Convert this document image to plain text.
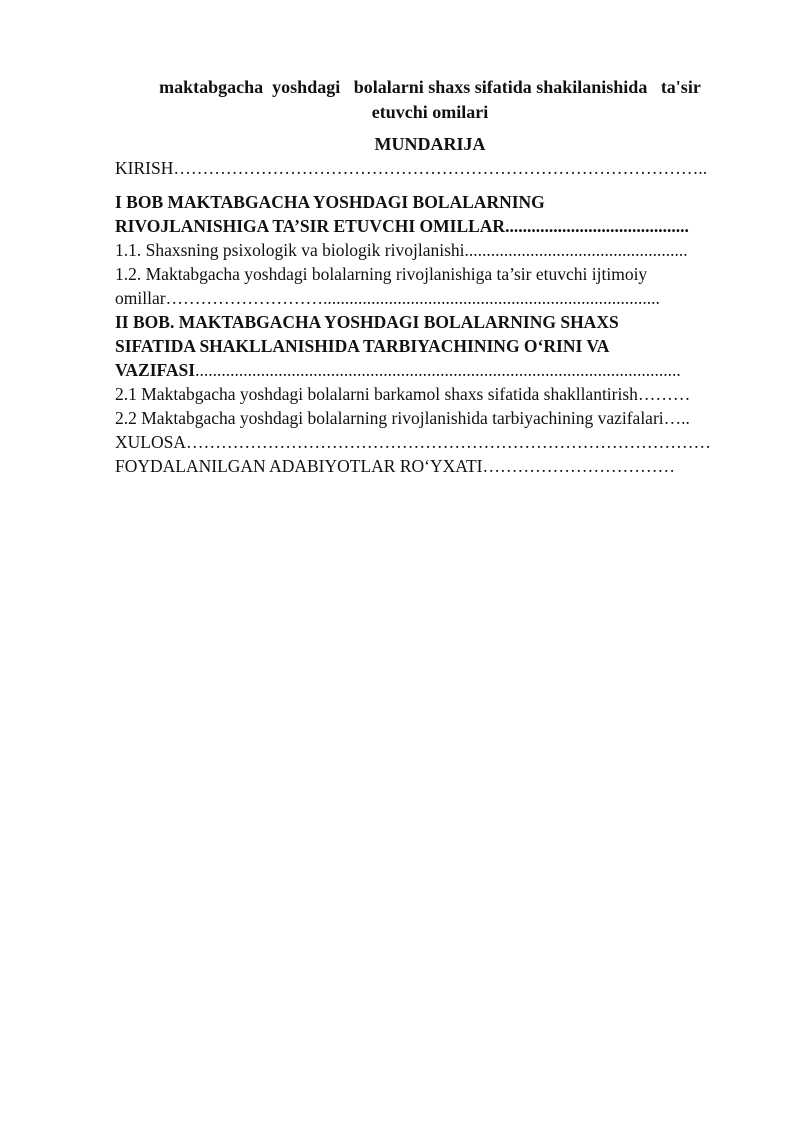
maktabgacha  yoshdagi   bolalarni shaxs sifatida shakilanishida   ta'sir
etuvchi omilari
MUNDARIJA
KIRISH………………………………………………………………………………..
I BOB MAKTABGACHA YOSHDAGI BOLALARNING
RIVOJLANISHIGA TA’SIR ETUVCHI OMILLAR..........................................
1.1. Shaxsning psixologik va biologik rivojlanishi...................................................
1.2. Maktabgacha yoshdagi bolalarning rivojlanishiga ta’sir etuvchi ijtimoiy
omillar……………………….............................................................................
II BOB. MAKTABGACHA YOSHDAGI BOLALARNING SHAXS
SIFATIDA SHAKLLANISHIDA TARBIYACHINING O‘RINI VA
VAZIFASI...............................................................................................................
2.1 Maktabgacha yoshdagi bolalarni barkamol shaxs sifatida shakllantirish………
2.2 Maktabgacha yoshdagi bolalarning rivojlanishida tarbiyachining vazifalari…..
XULOSA………………………………………………………………………………
FOYDALANILGAN ADABIYOTLAR RO‘YXATI……………………………
